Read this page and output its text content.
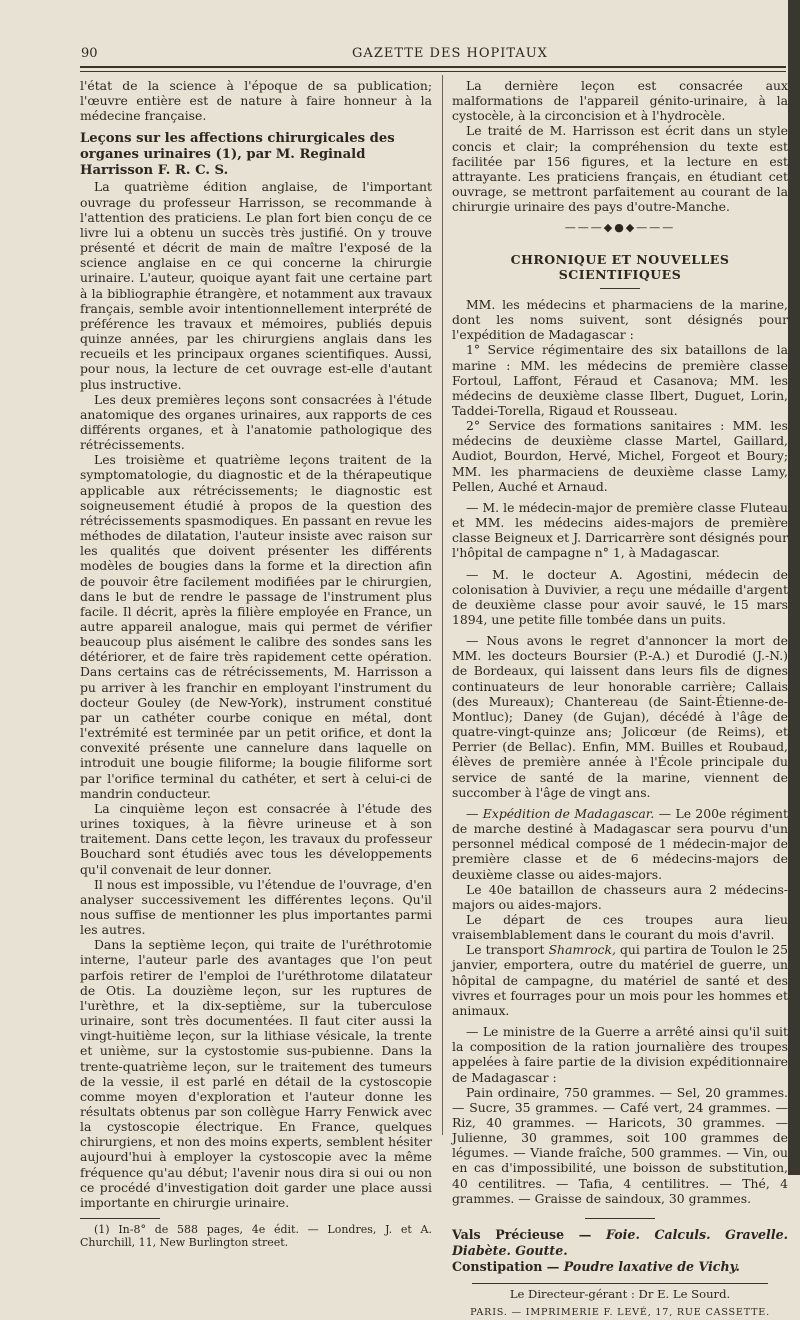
90	GAZETTE DES HOPITAUX

l'état de la science à l'époque de sa publication; l'œuvre entière est de nature à faire honneur à la médecine française.

Leçons sur les affections chirurgicales des organes urinaires (1), par M. Reginald Harrisson F. R. C. S.

La quatrième édition anglaise, de l'important ouvrage du professeur Harrisson, se recommande à l'attention des praticiens. Le plan fort bien conçu de ce livre lui a obtenu un succès très justifié. On y trouve présenté et décrit de main de maître l'exposé de la science anglaise en ce qui concerne la chirurgie urinaire. L'auteur, quoique ayant fait une certaine part à la bibliographie étrangère, et notamment aux travaux français, semble avoir intentionnellement interprété de préférence les travaux et mémoires, publiés depuis quinze années, par les chirurgiens anglais dans les recueils et les principaux organes scientifiques. Aussi, pour nous, la lecture de cet ouvrage est-elle d'autant plus instructive.

Les deux premières leçons sont consacrées à l'étude anatomique des organes urinaires, aux rapports de ces différents organes, et à l'anatomie pathologique des rétrécissements.

Les troisième et quatrième leçons traitent de la symptomatologie, du diagnostic et de la thérapeutique applicable aux rétrécissements; le diagnostic est soigneusement étudié à propos de la question des rétrécissements spasmodiques. En passant en revue les méthodes de dilatation, l'auteur insiste avec raison sur les qualités que doivent présenter les différents modèles de bougies dans la forme et la direction afin de pouvoir être facilement modifiées par le chirurgien, dans le but de rendre le passage de l'instrument plus facile. Il décrit, après la filière employée en France, un autre appareil analogue, mais qui permet de vérifier beaucoup plus aisément le calibre des sondes sans les détériorer, et de faire très rapidement cette opération. Dans certains cas de rétrécissements, M. Harrisson a pu arriver à les franchir en employant l'instrument du docteur Gouley (de New-York), instrument constitué par un cathéter courbe conique en métal, dont l'extrémité est terminée par un petit orifice, et dont la convexité présente une cannelure dans laquelle on introduit une bougie filiforme; la bougie filiforme sort par l'orifice terminal du cathéter, et sert à celui-ci de mandrin conducteur.

La cinquième leçon est consacrée à l'étude des urines toxiques, à la fièvre urineuse et à son traitement. Dans cette leçon, les travaux du professeur Bouchard sont étudiés avec tous les développements qu'il convenait de leur donner.

Il nous est impossible, vu l'étendue de l'ouvrage, d'en analyser successivement les différentes leçons. Qu'il nous suffise de mentionner les plus importantes parmi les autres.

Dans la septième leçon, qui traite de l'uréthrotomie interne, l'auteur parle des avantages que l'on peut parfois retirer de l'emploi de l'uréthrotome dilatateur de Otis. La douzième leçon, sur les ruptures de l'urèthre, et la dix-septième, sur la tuberculose urinaire, sont très documentées. Il faut citer aussi la vingt-huitième leçon, sur la lithiase vésicale, la trente et unième, sur la cystostomie sus-pubienne. Dans la trente-quatrième leçon, sur le traitement des tumeurs de la vessie, il est parlé en détail de la cystoscopie comme moyen d'exploration et l'auteur donne les résultats obtenus par son collègue Harry Fenwick avec la cystoscopie électrique. En France, quelques chirurgiens, et non des moins experts, semblent hésiter aujourd'hui à employer la cystoscopie avec la même fréquence qu'au début; l'avenir nous dira si oui ou non ce procédé d'investigation doit garder une place aussi importante en chirurgie urinaire.

(1) In-8° de 588 pages, 4e édit. — Londres, J. et A. Churchill, 11, New Burlington street.

La dernière leçon est consacrée aux malformations de l'appareil génito-urinaire, à la cystocèle, à la circoncision et à l'hydrocèle.

Le traité de M. Harrisson est écrit dans un style concis et clair; la compréhension du texte est facilitée par 156 figures, et la lecture en est attrayante. Les praticiens français, en étudiant cet ouvrage, se mettront parfaitement au courant de la chirurgie urinaire des pays d'outre-Manche.

———◆●◆———
CHRONIQUE ET NOUVELLES SCIENTIFIQUES

MM. les médecins et pharmaciens de la marine, dont les noms suivent, sont désignés pour l'expédition de Madagascar :

1° Service régimentaire des six bataillons de la marine : MM. les médecins de première classe Fortoul, Laffont, Féraud et Casanova; MM. les médecins de deuxième classe Ilbert, Duguet, Lorin, Taddei-Torella, Rigaud et Rousseau.

2° Service des formations sanitaires : MM. les médecins de deuxième classe Martel, Gaillard, Audiot, Bourdon, Hervé, Michel, Forgeot et Boury; MM. les pharmaciens de deuxième classe Lamy, Pellen, Auché et Arnaud.

— M. le médecin-major de première classe Fluteau et MM. les médecins aides-majors de première classe Beigneux et J. Darricarrère sont désignés pour l'hôpital de campagne n° 1, à Madagascar.

— M. le docteur A. Agostini, médecin de colonisation à Duvivier, a reçu une médaille d'argent de deuxième classe pour avoir sauvé, le 15 mars 1894, une petite fille tombée dans un puits.

— Nous avons le regret d'annoncer la mort de MM. les docteurs Boursier (P.-A.) et Durodié (J.-N.) de Bordeaux, qui laissent dans leurs fils de dignes continuateurs de leur honorable carrière; Callais (des Mureaux); Chantereau (de Saint-Étienne-de-Montluc); Daney (de Gujan), décédé à l'âge de quatre-vingt-quinze ans; Jolicœur (de Reims), et Perrier (de Bellac). Enfin, MM. Builles et Roubaud, élèves de première année à l'École principale du service de santé de la marine, viennent de succomber à l'âge de vingt ans.

— Expédition de Madagascar. — Le 200e régiment de marche destiné à Madagascar sera pourvu d'un personnel médical composé de 1 médecin-major de première classe et de 6 médecins-majors de deuxième classe ou aides-majors.

Le 40e bataillon de chasseurs aura 2 médecins-majors ou aides-majors.

Le départ de ces troupes aura lieu vraisemblablement dans le courant du mois d'avril.

Le transport Shamrock, qui partira de Toulon le 25 janvier, emportera, outre du matériel de guerre, un hôpital de campagne, du matériel de santé et des vivres et fourrages pour un mois pour les hommes et animaux.

— Le ministre de la Guerre a arrêté ainsi qu'il suit la composition de la ration journalière des troupes appelées à faire partie de la division expéditionnaire de Madagascar :

Pain ordinaire, 750 grammes. — Sel, 20 grammes. — Sucre, 35 grammes. — Café vert, 24 grammes. — Riz, 40 grammes. — Haricots, 30 grammes. — Julienne, 30 grammes, soit 100 grammes de légumes. — Viande fraîche, 500 grammes. — Vin, ou en cas d'impossibilité, une boisson de substitution, 40 centilitres. — Tafia, 4 centilitres. — Thé, 4 grammes. — Graisse de saindoux, 30 grammes.

Vals Précieuse — Foie. Calculs. Gravelle. Diabète. Goutte.
Constipation — Poudre laxative de Vichy.
Le Directeur-gérant : Dr E. Le Sourd.
PARIS. — IMPRIMERIE F. LEVÉ, 17, RUE CASSETTE.
